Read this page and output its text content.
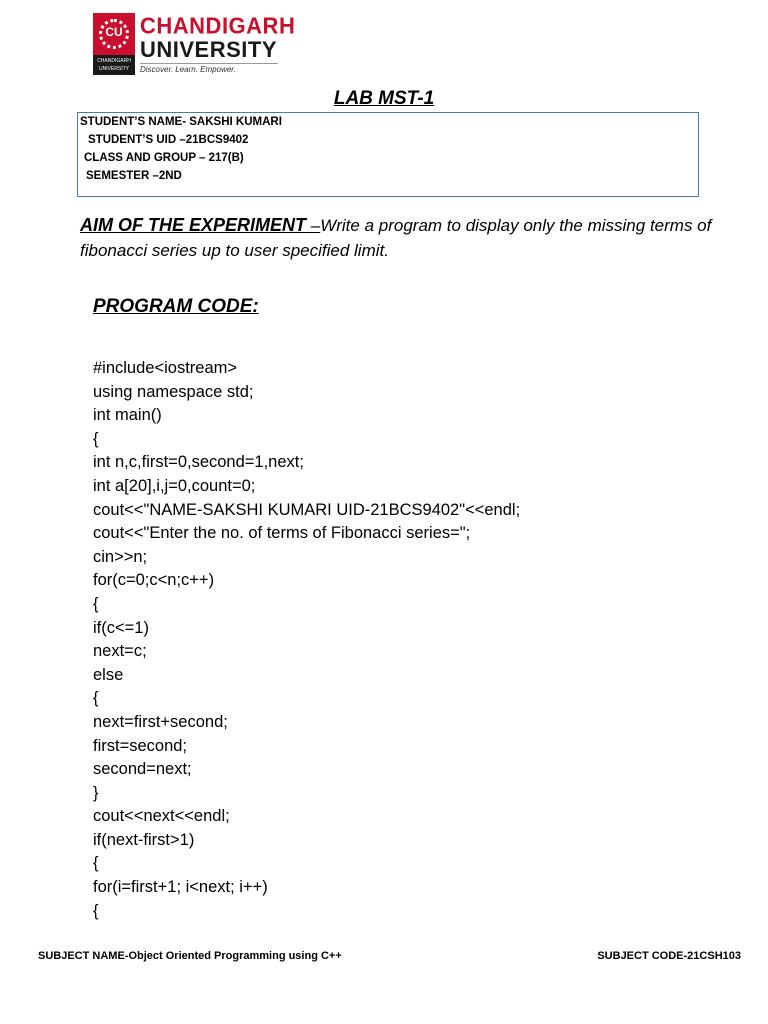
CU
CHANDIGARH UNIVERSITY
CHANDIGARH
UNIVERSITY
Discover. Learn. Empower.
LAB MST-1
STUDENT’S NAME- SAKSHI KUMARI
STUDENT’S UID –21BCS9402
CLASS AND GROUP – 217(B)
SEMESTER –2ND
AIM OF THE EXPERIMENT –Write a program to display only the missing terms of fibonacci series up to user specified limit.
PROGRAM CODE:
#include<iostream>
using namespace std;
int main()
{
int n,c,first=0,second=1,next;
int a[20],i,j=0,count=0;
cout<<"NAME-SAKSHI KUMARI UID-21BCS9402"<<endl;
cout<<"Enter the no. of terms of Fibonacci series=";
cin>>n;
for(c=0;c<n;c++)
{
if(c<=1)
next=c;
else
{
next=first+second;
first=second;
second=next;
}
cout<<next<<endl;
if(next-first>1)
{
for(i=first+1; i<next; i++)
{
SUBJECT NAME-Object Oriented Programming using C++	SUBJECT CODE-21CSH103
